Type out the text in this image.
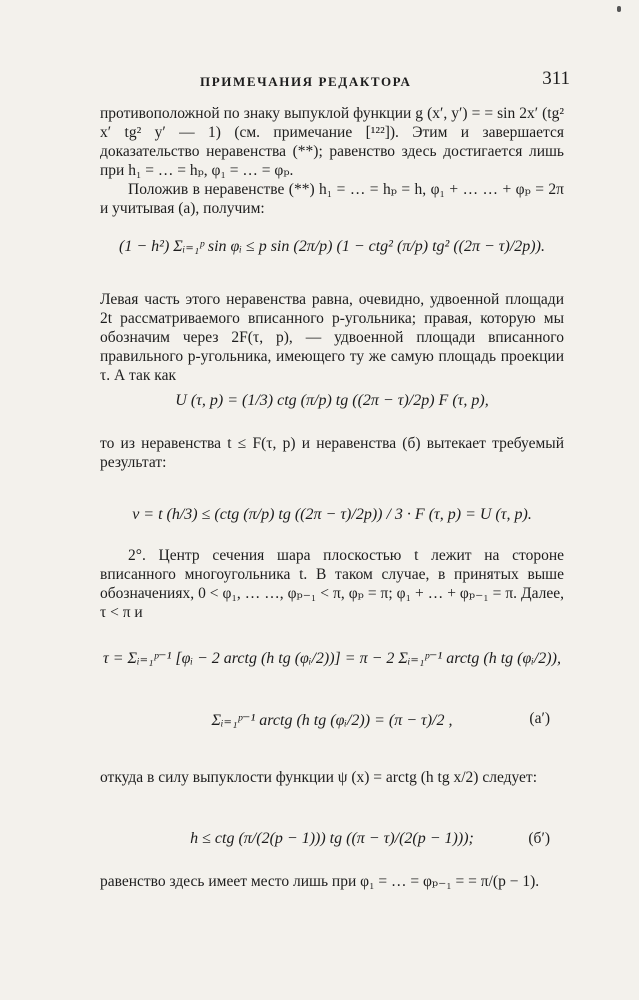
ПРИМЕЧАНИЯ РЕДАКТОРА	311

противоположной по знаку выпуклой функции g (x′, y′) = = sin 2x′ (tg² x′ tg² y′ — 1) (см. примечание [¹²²]). Этим и завершается доказательство неравенства (**); равенство здесь достигается лишь при h₁ = … = hₚ, φ₁ = … = φₚ.

Положив в неравенстве (**) h₁ = … = hₚ = h, φ₁ + … … + φₚ = 2π и учитывая (а), получим:

(1 − h²) Σᵢ₌₁ᵖ sin φᵢ ≤ p sin (2π/p) (1 − ctg² (π/p) tg² ((2π − τ)/2p)).

Левая часть этого неравенства равна, очевидно, удвоенной площади 2t рассматриваемого вписанного p-угольника; правая, которую мы обозначим через 2F(τ, p), — удвоенной площади вписанного правильного p-угольника, имеющего ту же самую площадь проекции τ. А так как

U (τ, p) = (1/3) ctg (π/p) tg ((2π − τ)/2p) F (τ, p),

то из неравенства t ≤ F(τ, p) и неравенства (б) вытекает требуемый результат:

v = t (h/3) ≤ (ctg (π/p) tg ((2π − τ)/2p)) / 3 · F (τ, p) = U (τ, p).

2°. Центр сечения шара плоскостью t лежит на стороне вписанного многоугольника t. В таком случае, в принятых выше обозначениях, 0 < φ₁, … …, φₚ₋₁ < π, φₚ = π; φ₁ + … + φₚ₋₁ = π. Далее, τ < π и

τ = Σᵢ₌₁ᵖ⁻¹ [φᵢ − 2 arctg (h tg (φᵢ/2))] = π − 2 Σᵢ₌₁ᵖ⁻¹ arctg (h tg (φᵢ/2)),
Σᵢ₌₁ᵖ⁻¹ arctg (h tg (φᵢ/2)) = (π − τ)/2 ,	(a′)

откуда в силу выпуклости функции ψ (x) = arctg (h tg x/2) следует:

h ≤ ctg (π/(2(p − 1))) tg ((π − τ)/(2(p − 1)));	(б′)

равенство здесь имеет место лишь при φ₁ = … = φₚ₋₁ = = π/(p − 1).
